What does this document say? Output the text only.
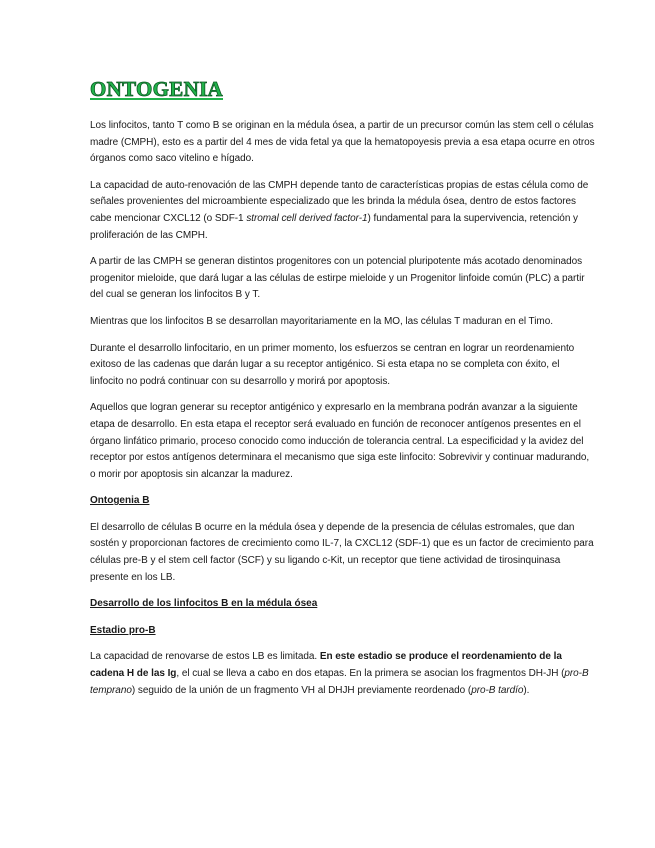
ONTOGENIA

Los linfocitos, tanto T como B se originan en la médula ósea, a partir de un precursor común las stem cell o células madre (CMPH), esto es a partir del 4 mes de vida fetal ya que la hematopoyesis previa a esa etapa ocurre en otros órganos como saco vitelino e hígado.

La capacidad de auto-renovación de las CMPH depende tanto de características propias de estas célula como de señales provenientes del microambiente especializado que les brinda la médula ósea, dentro de estos factores cabe mencionar CXCL12 (o SDF-1 stromal cell derived factor-1) fundamental para la supervivencia, retención y proliferación de las CMPH.

A partir de las CMPH se generan distintos progenitores con un potencial pluripotente más acotado denominados progenitor mieloide, que dará lugar a las células de estirpe mieloide y un Progenitor linfoide común (PLC) a partir del cual se generan los linfocitos B y T.

Mientras que los linfocitos B se desarrollan mayoritariamente en la MO, las células T maduran en el Timo.

Durante el desarrollo linfocitario, en un primer momento, los esfuerzos se centran en lograr un reordenamiento exitoso de las cadenas que darán lugar a su receptor antigénico. Si esta etapa no se completa con éxito, el linfocito no podrá continuar con su desarrollo y morirá por apoptosis.

Aquellos que logran generar su receptor antigénico y expresarlo en la membrana podrán avanzar a la siguiente etapa de desarrollo. En esta etapa el receptor será evaluado en función de reconocer antígenos presentes en el órgano linfático primario, proceso conocido como inducción de tolerancia central. La especificidad y la avidez del receptor por estos antígenos determinara el mecanismo que siga este linfocito: Sobrevivir y continuar madurando, o morir por apoptosis sin alcanzar la madurez.

Ontogenia B

El desarrollo de células B ocurre en la médula ósea y depende de la presencia de células estromales, que dan sostén y proporcionan factores de crecimiento como IL-7, la CXCL12 (SDF-1) que es un factor de crecimiento para células pre-B y el stem cell factor (SCF) y su ligando c-Kit, un receptor que tiene actividad de tirosinquinasa presente en los LB.

Desarrollo de los linfocitos B en la médula ósea
Estadio pro-B

La capacidad de renovarse de estos LB es limitada. En este estadio se produce el reordenamiento de la cadena H de las Ig, el cual se lleva a cabo en dos etapas. En la primera se asocian los fragmentos DH-JH (pro-B temprano) seguido de la unión de un fragmento VH al DHJH previamente reordenado (pro-B tardío).
